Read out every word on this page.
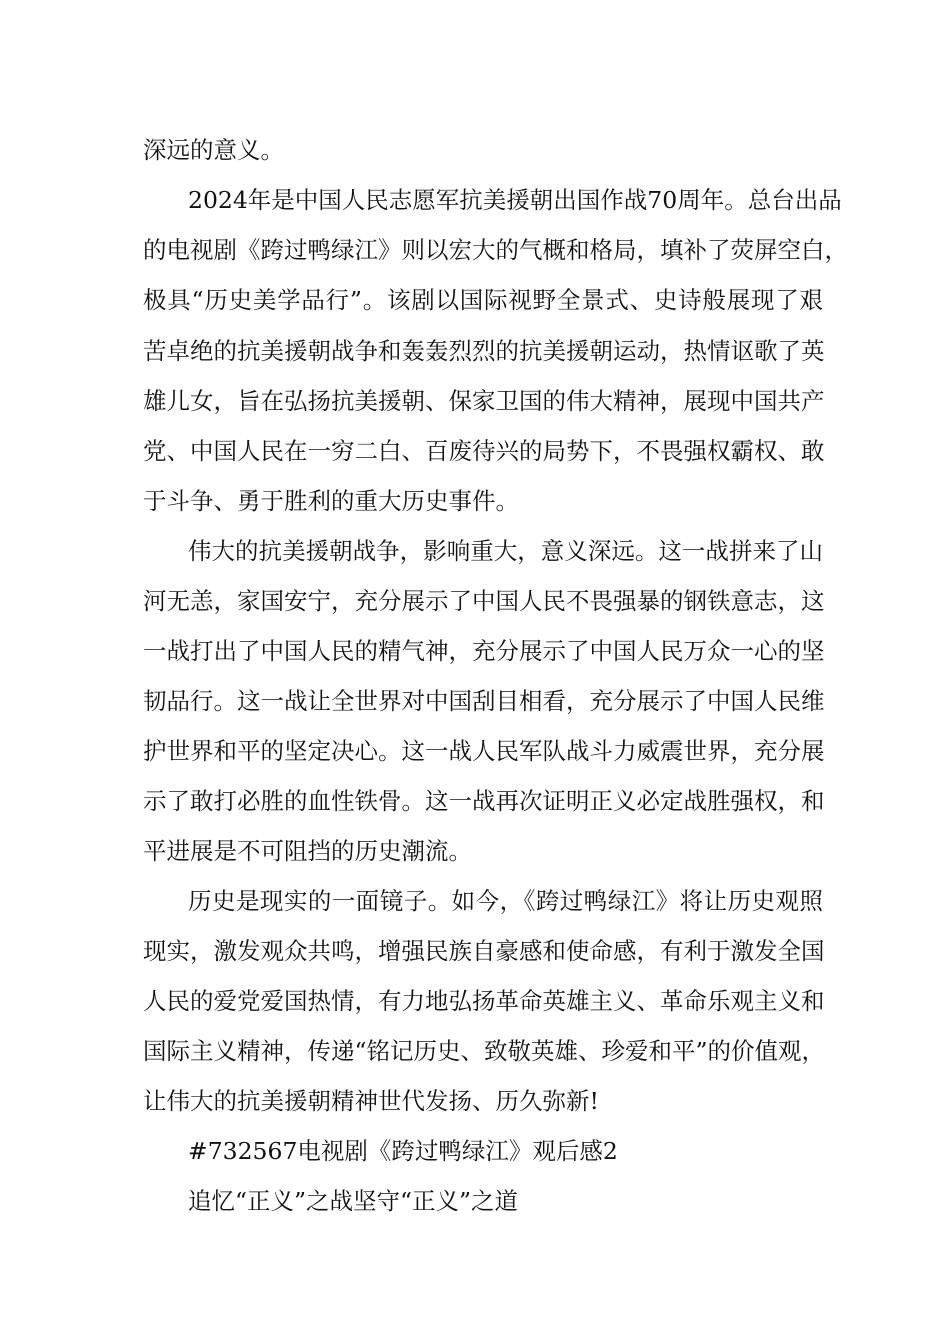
深远的意义。
2024年是中国人民志愿军抗美援朝出国作战70周年。总台出品
的电视剧《跨过鸭绿江》则以宏大的气概和格局，填补了荧屏空白，
极具“历史美学品行”。该剧以国际视野全景式、史诗般展现了艰
苦卓绝的抗美援朝战争和轰轰烈烈的抗美援朝运动，热情讴歌了英
雄儿女，旨在弘扬抗美援朝、保家卫国的伟大精神，展现中国共产
党、中国人民在一穷二白、百废待兴的局势下，不畏强权霸权、敢
于斗争、勇于胜利的重大历史事件。
伟大的抗美援朝战争，影响重大，意义深远。这一战拼来了山
河无恙，家国安宁，充分展示了中国人民不畏强暴的钢铁意志，这
一战打出了中国人民的精气神，充分展示了中国人民万众一心的坚
韧品行。这一战让全世界对中国刮目相看，充分展示了中国人民维
护世界和平的坚定决心。这一战人民军队战斗力威震世界，充分展
示了敢打必胜的血性铁骨。这一战再次证明正义必定战胜强权，和
平进展是不可阻挡的历史潮流。
历史是现实的一面镜子。如今，《跨过鸭绿江》将让历史观照
现实，激发观众共鸣，增强民族自豪感和使命感，有利于激发全国
人民的爱党爱国热情，有力地弘扬革命英雄主义、革命乐观主义和
国际主义精神，传递“铭记历史、致敬英雄、珍爱和平”的价值观，
让伟大的抗美援朝精神世代发扬、历久弥新!
#732567电视剧《跨过鸭绿江》观后感2
追忆“正义”之战坚守“正义”之道
